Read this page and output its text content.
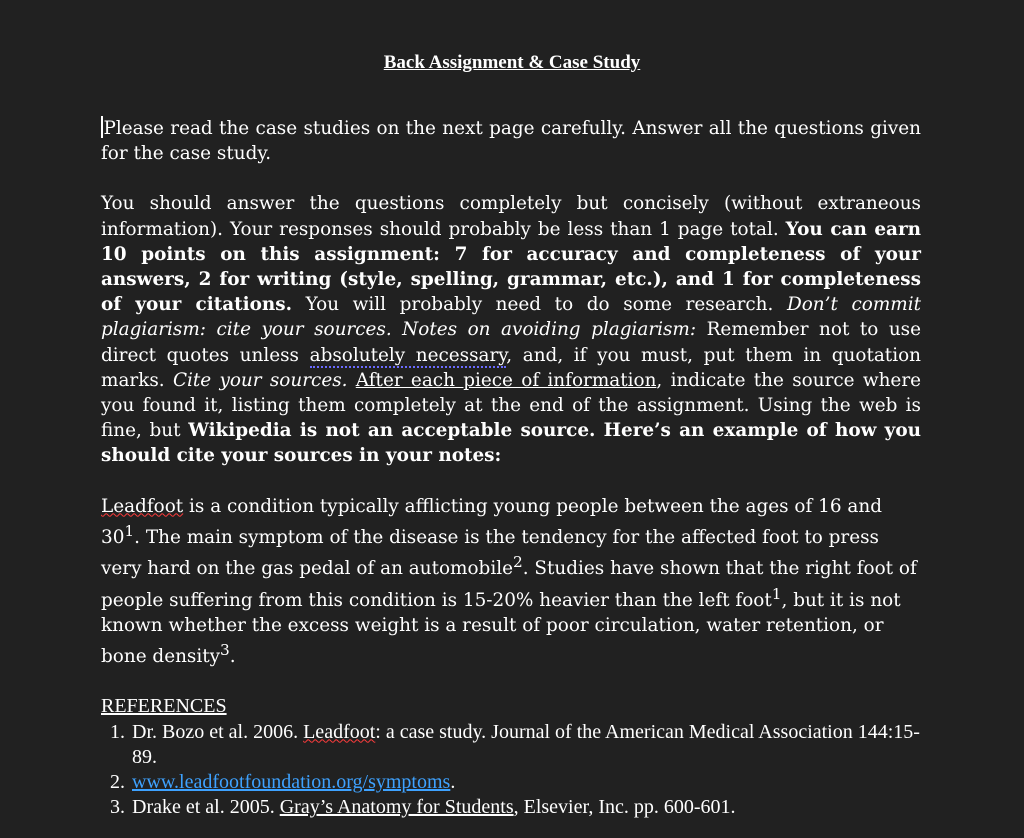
Back Assignment & Case Study

Please read the case studies on the next page carefully. Answer all the questions given for the case study.

You should answer the questions completely but concisely (without extraneous information). Your responses should probably be less than 1 page total. You can earn 10 points on this assignment: 7 for accuracy and completeness of your answers, 2 for writing (style, spelling, grammar, etc.), and 1 for completeness of your citations. You will probably need to do some research. Don’t commit plagiarism: cite your sources. Notes on avoiding plagiarism: Remember not to use direct quotes unless absolutely necessary, and, if you must, put them in quotation marks. Cite your sources. After each piece of information, indicate the source where you found it, listing them completely at the end of the assignment. Using the web is fine, but Wikipedia is not an acceptable source. Here’s an example of how you should cite your sources in your notes:

Leadfoot is a condition typically afflicting young people between the ages of 16 and $30^1$. The main symptom of the disease is the tendency for the affected foot to press very hard on the gas pedal of an automobile$^2$. Studies have shown that the right foot of people suffering from this condition is 15-20% heavier than the left foot$^1$, but it is not known whether the excess weight is a result of poor circulation, water retention, or bone density$^3$.

REFERENCES
1. Dr. Bozo et al. 2006. Leadfoot: a case study. Journal of the American Medical Association 144:15-89.
2. www.leadfootfoundation.org/symptoms.
3. Drake et al. 2005. Gray’s Anatomy for Students, Elsevier, Inc. pp. 600-601.
